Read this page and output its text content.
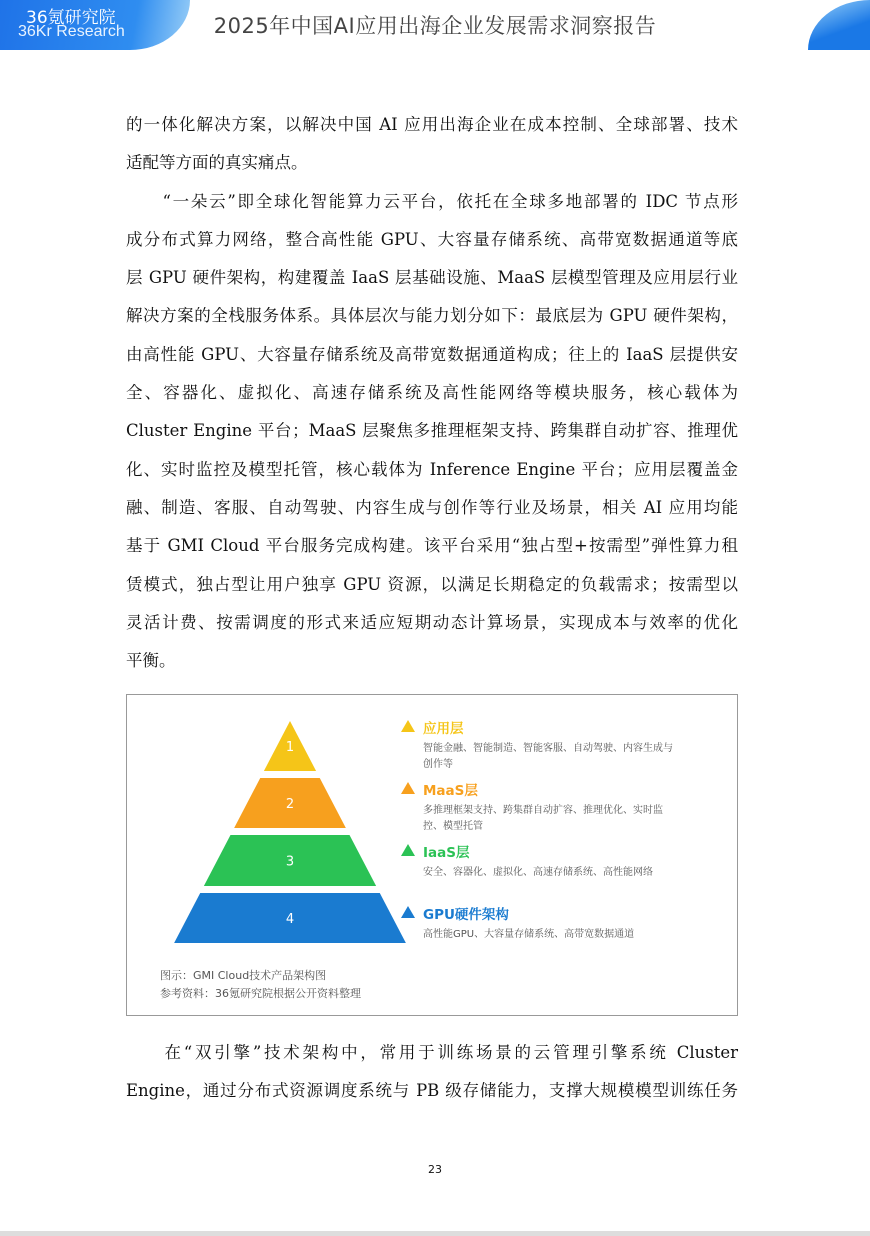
36氪研究院
36Kr Research	2025年中国AI应用出海企业发展需求洞察报告
的一体化解决方案，以解决中国 AI 应用出海企业在成本控制、全球部署、技术
适配等方面的真实痛点。
　　“一朵云”即全球化智能算力云平台，依托在全球多地部署的 IDC 节点形
成分布式算力网络，整合高性能 GPU、大容量存储系统、高带宽数据通道等底
层 GPU 硬件架构，构建覆盖 IaaS 层基础设施、MaaS 层模型管理及应用层行业
解决方案的全栈服务体系。具体层次与能力划分如下：最底层为 GPU 硬件架构，
由高性能 GPU、大容量存储系统及高带宽数据通道构成；往上的 IaaS 层提供安
全、容器化、虚拟化、高速存储系统及高性能网络等模块服务，核心载体为
Cluster Engine 平台；MaaS 层聚焦多推理框架支持、跨集群自动扩容、推理优
化、实时监控及模型托管，核心载体为 Inference Engine 平台；应用层覆盖金
融、制造、客服、自动驾驶、内容生成与创作等行业及场景，相关 AI 应用均能
基于 GMI Cloud 平台服务完成构建。该平台采用“独占型+按需型”弹性算力租
赁模式，独占型让用户独享 GPU 资源，以满足长期稳定的负载需求；按需型以
灵活计费、按需调度的形式来适应短期动态计算场景，实现成本与效率的优化
平衡。
1
2
3
4
应用层
智能金融、智能制造、智能客服、自动驾驶、内容生成与创作等
MaaS层
多推理框架支持、跨集群自动扩容、推理优化、实时监控、模型托管
IaaS层
安全、容器化、虚拟化、高速存储系统、高性能网络
GPU硬件架构
高性能GPU、大容量存储系统、高带宽数据通道
图示：GMI Cloud技术产品架构图
参考资料：36氪研究院根据公开资料整理
　　在“双引擎”技术架构中，常用于训练场景的云管理引擎系统 Cluster
Engine，通过分布式资源调度系统与 PB 级存储能力，支撑大规模模型训练任务
23
